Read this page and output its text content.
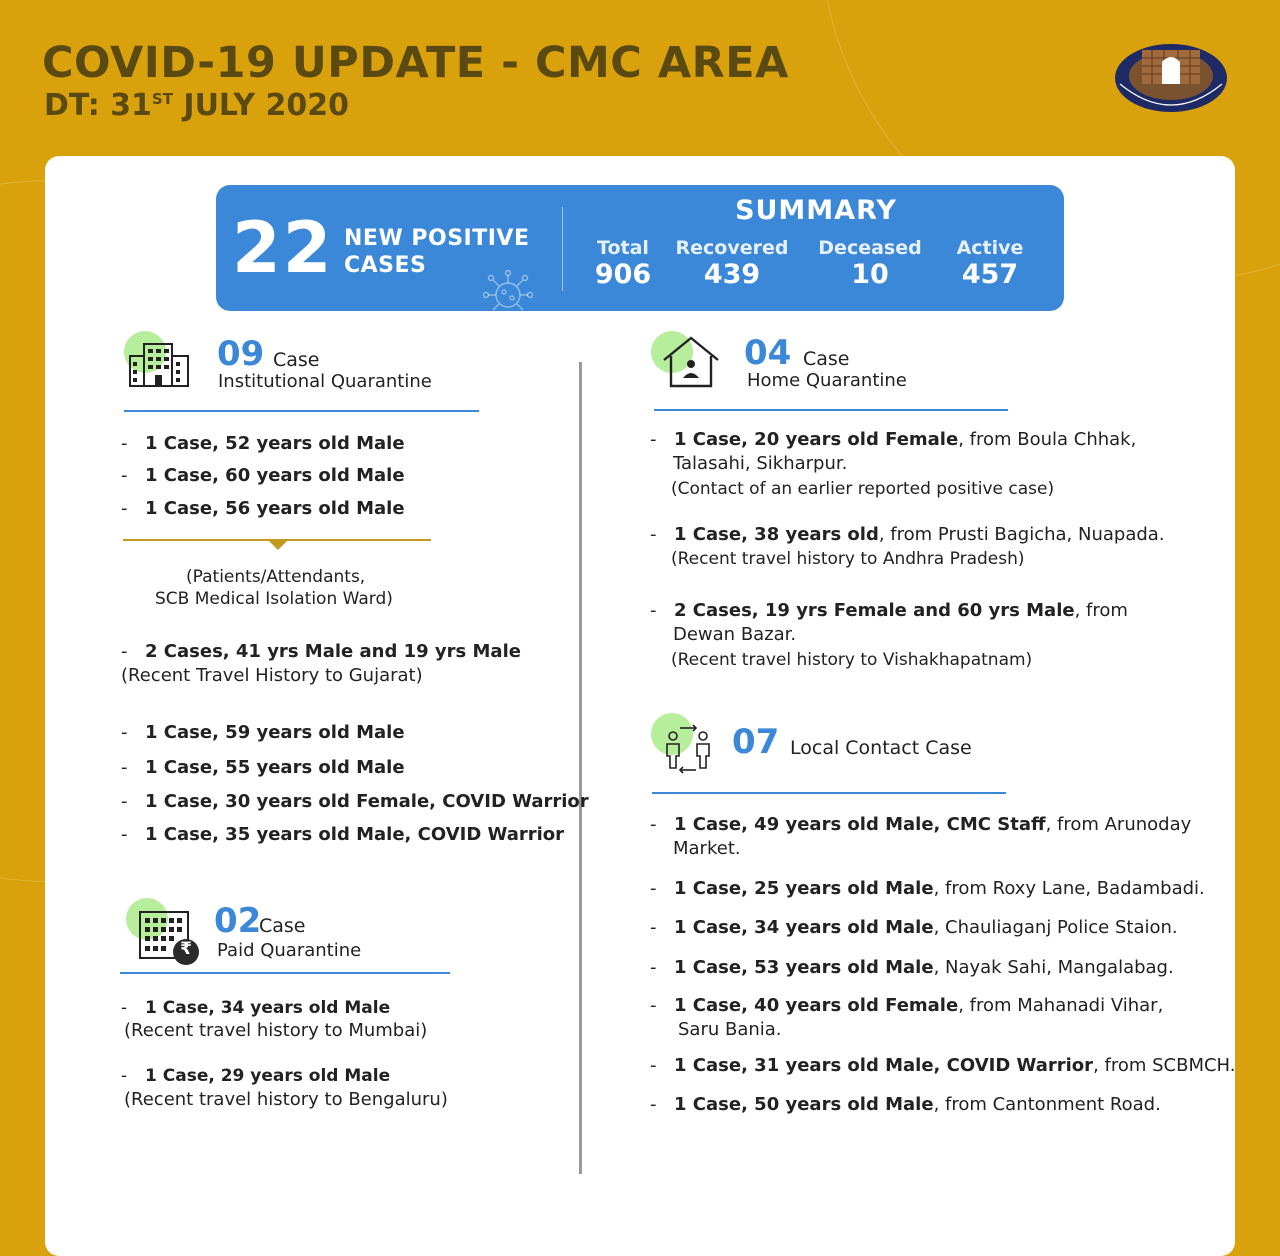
COVID-19 UPDATE - CMC AREA
DT: 31ST JULY 2020
22 NEW POSITIVE
CASES
SUMMARY
Total
906
Recovered
439
Deceased
10
Active
457
09 Case
Institutional Quarantine
- 1 Case, 52 years old Male
- 1 Case, 60 years old Male
- 1 Case, 56 years old Male
(Patients/Attendants,
SCB Medical Isolation Ward)
- 2 Cases, 41 yrs Male and 19 yrs Male
(Recent Travel History to Gujarat)
- 1 Case, 59 years old Male
- 1 Case, 55 years old Male
- 1 Case, 30 years old Female, COVID Warrior
- 1 Case, 35 years old Male, COVID Warrior
₹
02
Case
Paid Quarantine
- 1 Case, 34 years old Male
(Recent travel history to Mumbai)
- 1 Case, 29 years old Male
(Recent travel history to Bengaluru)
04 Case
Home Quarantine
- 1 Case, 20 years old Female, from Boula Chhak,
Talasahi, Sikharpur.
(Contact of an earlier reported positive case)
- 1 Case, 38 years old, from Prusti Bagicha, Nuapada.
(Recent travel history to Andhra Pradesh)
- 2 Cases, 19 yrs Female and 60 yrs Male, from
Dewan Bazar.
(Recent travel history to Vishakhapatnam)
07 Local Contact Case
- 1 Case, 49 years old Male, CMC Staff, from Arunoday
Market.
- 1 Case, 25 years old Male, from Roxy Lane, Badambadi.
- 1 Case, 34 years old Male, Chauliaganj Police Staion.
- 1 Case, 53 years old Male, Nayak Sahi, Mangalabag.
- 1 Case, 40 years old Female, from Mahanadi Vihar,
Saru Bania.
- 1 Case, 31 years old Male, COVID Warrior, from SCBMCH.
- 1 Case, 50 years old Male, from Cantonment Road.
